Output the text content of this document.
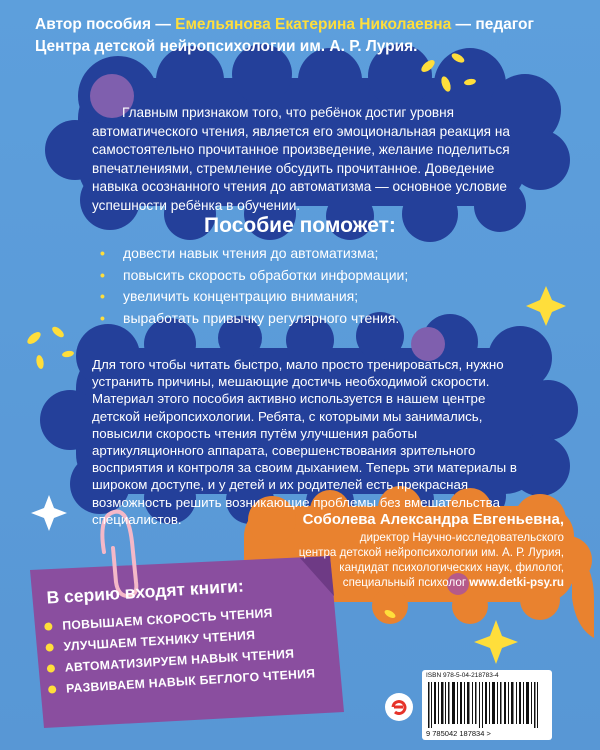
Автор пособия — Емельянова Екатерина Николаевна — педагог Центра детской нейропсихологии им. А. Р. Лурия.
Главным признаком того, что ребёнок достиг уровня автоматического чтения, является его эмоциональная реакция на самостоятельно прочитанное произведение, желание поделиться впечатлениями, стремление обсудить прочитанное. Доведение навыка осознанного чтения до автоматизма — основное условие успешности ребёнка в обучении.
Пособие поможет:
• довести навык чтения до автоматизма;
• повысить скорость обработки информации;
• увеличить концентрацию внимания;
• выработать привычку регулярного чтения.
Для того чтобы читать быстро, мало просто тренироваться, нужно устранить причины, мешающие достичь необходимой скорости. Материал этого пособия активно используется в нашем центре детской нейропсихологии. Ребята, с которыми мы занимались, повысили скорость чтения путём улучшения работы артикуляционного аппарата, совершенствования зрительного восприятия и контроля за своим дыханием. Теперь эти материалы в широком доступе, и у детей и их родителей есть прекрасная возможность решить возникающие проблемы без вмешательства специалистов.	Соболева Александра Евгеньевна,
директор Научно-исследовательского
центра детской нейропсихологии им. А. Р. Лурия,
кандидат психологических наук, филолог,
специальный психолог www.detki-psy.ru
В серию входят книги:
ПОВЫШАЕМ СКОРОСТЬ ЧТЕНИЯ
УЛУЧШАЕМ ТЕХНИКУ ЧТЕНИЯ
АВТОМАТИЗИРУЕМ НАВЫК ЧТЕНИЯ
РАЗВИВАЕМ НАВЫК БЕГЛОГО ЧТЕНИЯ	ISBN 978-5-04-218783-4
9 785042 187834 >
